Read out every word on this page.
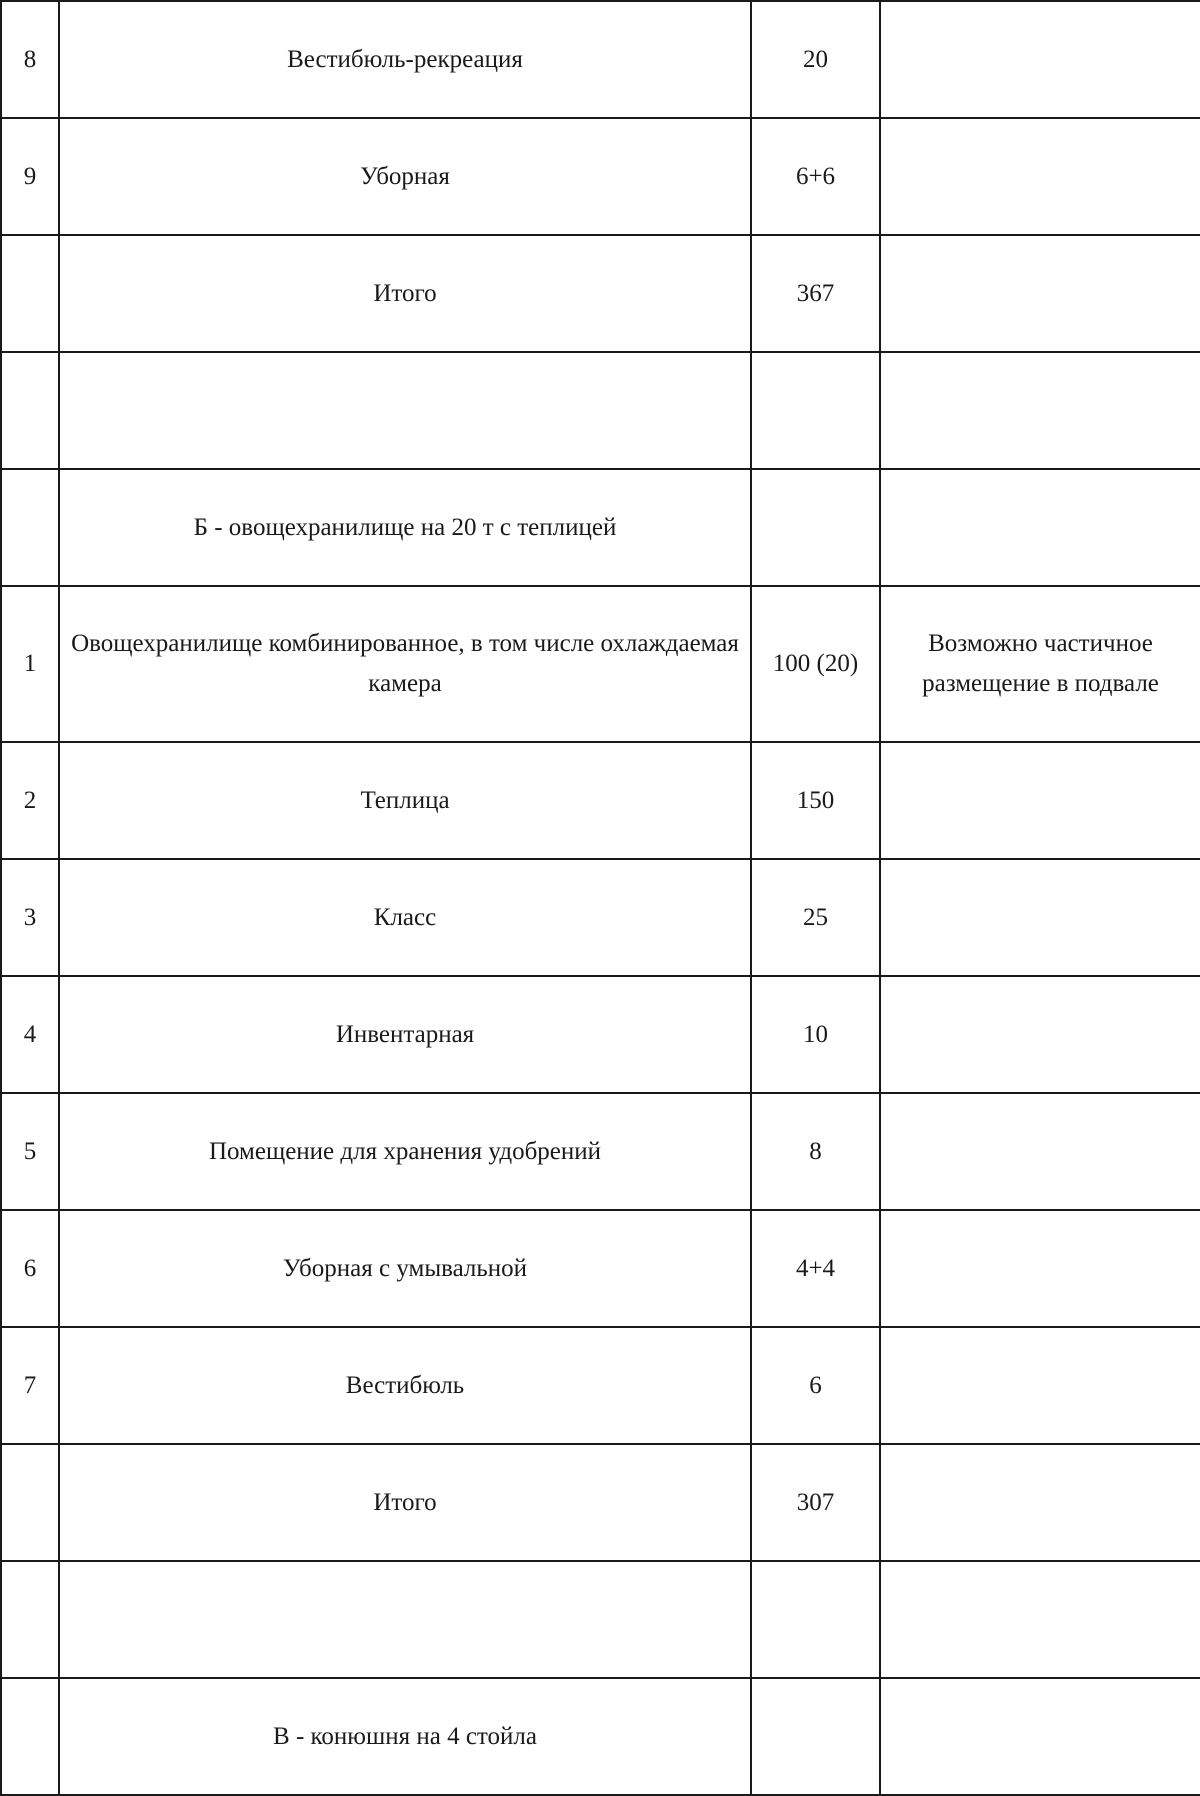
8	Вестибюль-рекреация	20	
9	Уборная	6+6	
	Итого	367	

	Б - овощехранилище на 20 т с теплицей		
1	Овощехранилище комбинированное, в том числе охлаждаемая камера	100 (20)	Возможно частичное размещение в подвале
2	Теплица	150	
3	Класс	25	
4	Инвентарная	10	
5	Помещение для хранения удобрений	8	
6	Уборная с умывальной	4+4	
7	Вестибюль	6	
	Итого	307	

	В - конюшня на 4 стойла		
